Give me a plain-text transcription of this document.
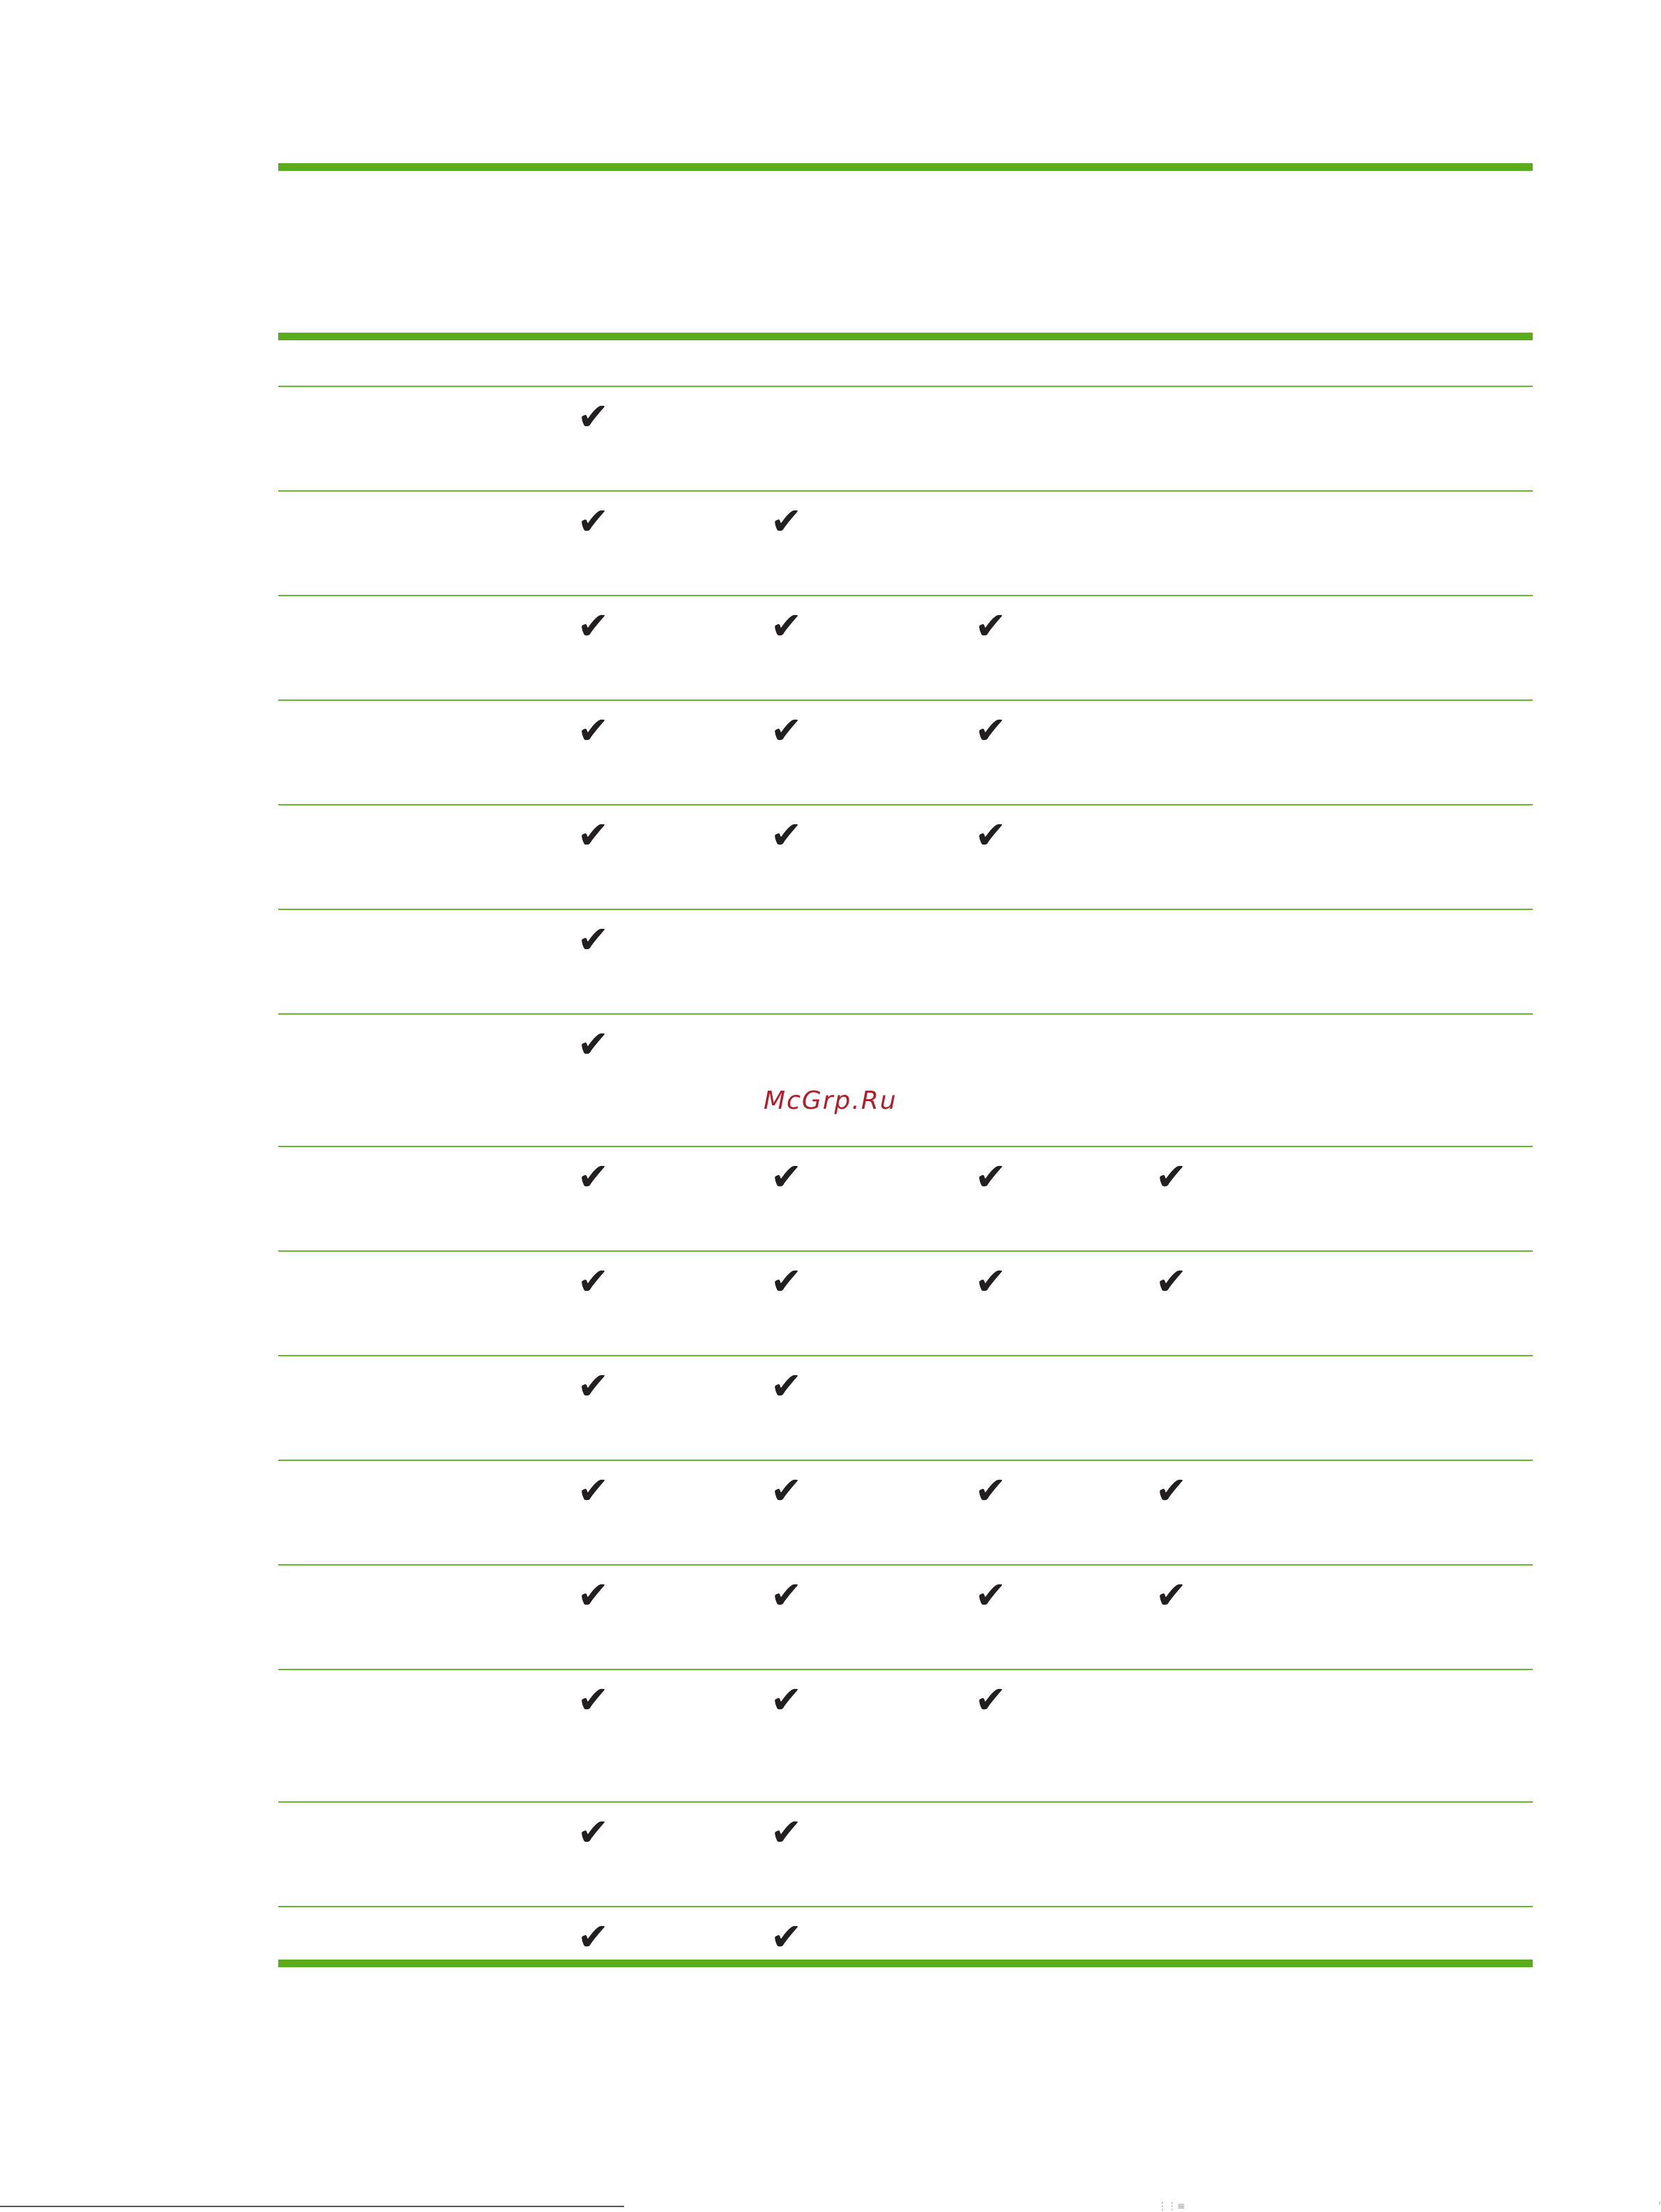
✔
✔	✔
✔	✔	✔
✔	✔	✔
✔	✔	✔
✔
✔
✔	✔	✔	✔
✔	✔	✔	✔
✔	✔
✔	✔	✔	✔
✔	✔	✔	✔
✔	✔	✔
✔	✔
✔	✔
McGrp.Ru
⋮⋮≡	'
